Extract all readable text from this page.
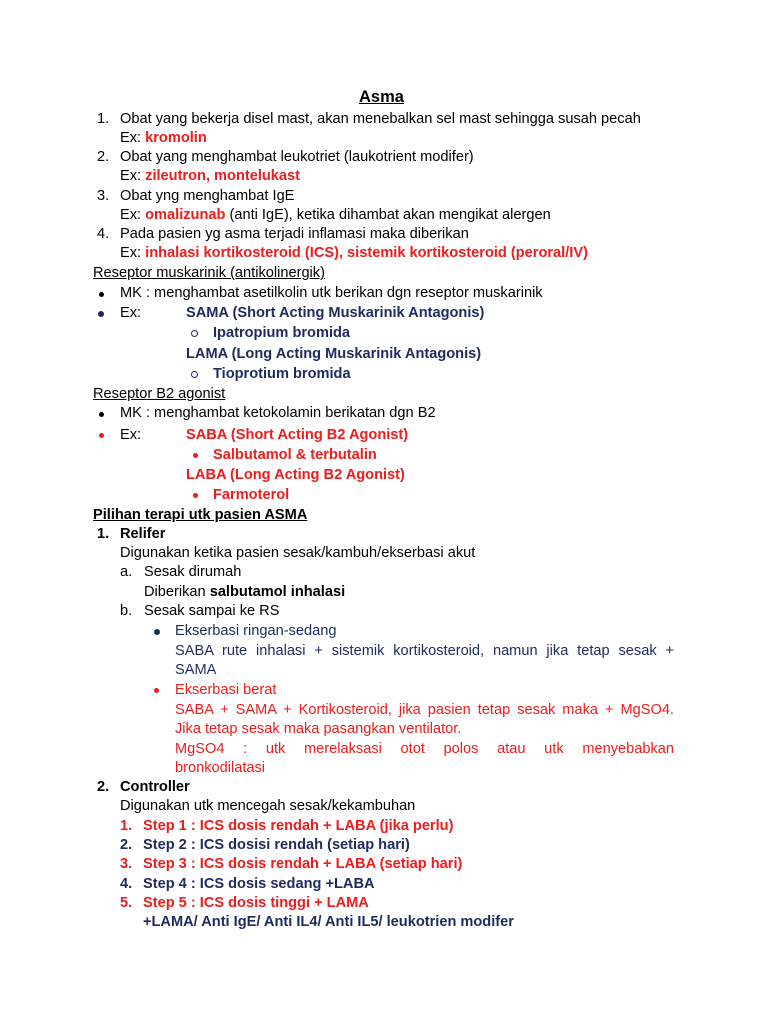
Asma
1. Obat yang bekerja disel mast, akan menebalkan sel mast sehingga susah pecah
Ex: kromolin
2. Obat yang menghambat leukotriet (laukotrient modifer)
Ex: zileutron, montelukast
3. Obat yng menghambat IgE
Ex: omalizunab (anti IgE), ketika dihambat akan mengikat alergen
4. Pada pasien yg asma terjadi inflamasi maka diberikan
Ex: inhalasi kortikosteroid (ICS), sistemik kortikosteroid (peroral/IV)
Reseptor muskarinik (antikolinergik)
MK : menghambat asetilkolin utk berikan dgn reseptor muskarinik
Ex:	SAMA (Short Acting Muskarinik Antagonis)
Ipatropium bromida
LAMA (Long Acting Muskarinik Antagonis)
Tioprotium bromida
Reseptor B2 agonist
MK : menghambat ketokolamin berikatan dgn B2
Ex:	SABA (Short Acting B2 Agonist)
Salbutamol & terbutalin
LABA (Long Acting B2 Agonist)
Farmoterol
Pilihan terapi utk pasien ASMA
1. Relifer
Digunakan ketika pasien sesak/kambuh/ekserbasi akut
a. Sesak dirumah
Diberikan salbutamol inhalasi
b. Sesak sampai ke RS
Ekserbasi ringan-sedang
SABA rute inhalasi + sistemik kortikosteroid, namun jika tetap sesak +
SAMA
Ekserbasi berat
SABA + SAMA + Kortikosteroid, jika pasien tetap sesak maka + MgSO4.
Jika tetap sesak maka pasangkan ventilator.
MgSO4 : utk merelaksasi otot polos atau utk menyebabkan
bronkodilatasi
2. Controller
Digunakan utk mencegah sesak/kekambuhan
1. Step 1 : ICS dosis rendah + LABA (jika perlu)
2. Step 2 : ICS dosisi rendah (setiap hari)
3. Step 3 : ICS dosis rendah + LABA (setiap hari)
4. Step 4 : ICS dosis sedang +LABA
5. Step 5 : ICS dosis tinggi + LAMA
+LAMA/ Anti IgE/ Anti IL4/ Anti IL5/ leukotrien modifer
